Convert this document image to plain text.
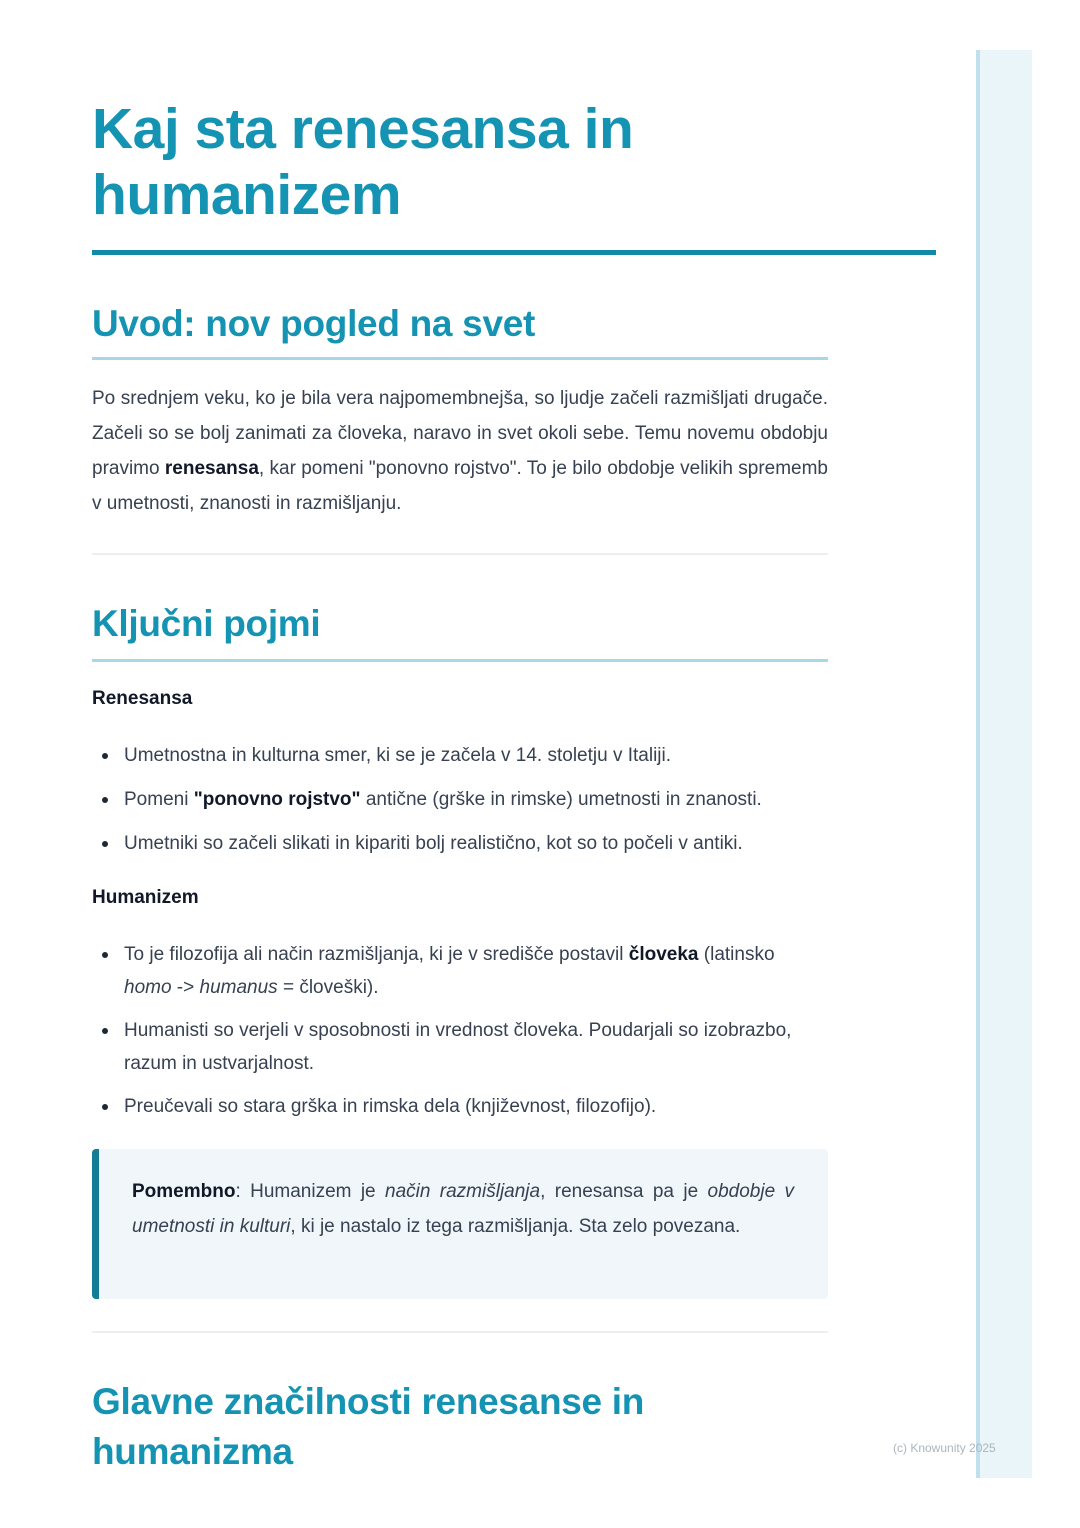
(c) Knowunity 2025
Kaj sta renesansa in humanizem
Uvod: nov pogled na svet

Po srednjem veku, ko je bila vera najpomembnejša, so ljudje začeli razmišljati drugače. Začeli so se bolj zanimati za človeka, naravo in svet okoli sebe. Temu novemu obdobju pravimo renesansa, kar pomeni "ponovno rojstvo". To je bilo obdobje velikih sprememb v umetnosti, znanosti in razmišljanju.

Ključni pojmi
Renesansa
Umetnostna in kulturna smer, ki se je začela v 14. stoletju v Italiji.
Pomeni "ponovno rojstvo" antične (grške in rimske) umetnosti in znanosti.
Umetniki so začeli slikati in kipariti bolj realistično, kot so to počeli v antiki.
Humanizem
To je filozofija ali način razmišljanja, ki je v središče postavil človeka (latinsko homo -> humanus = človeški).
Humanisti so verjeli v sposobnosti in vrednost človeka. Poudarjali so izobrazbo, razum in ustvarjalnost.
Preučevali so stara grška in rimska dela (književnost, filozofijo).
Pomembno: Humanizem je način razmišljanja, renesansa pa je obdobje v umetnosti in kulturi, ki je nastalo iz tega razmišljanja. Sta zelo povezana.
Glavne značilnosti renesanse in humanizma
